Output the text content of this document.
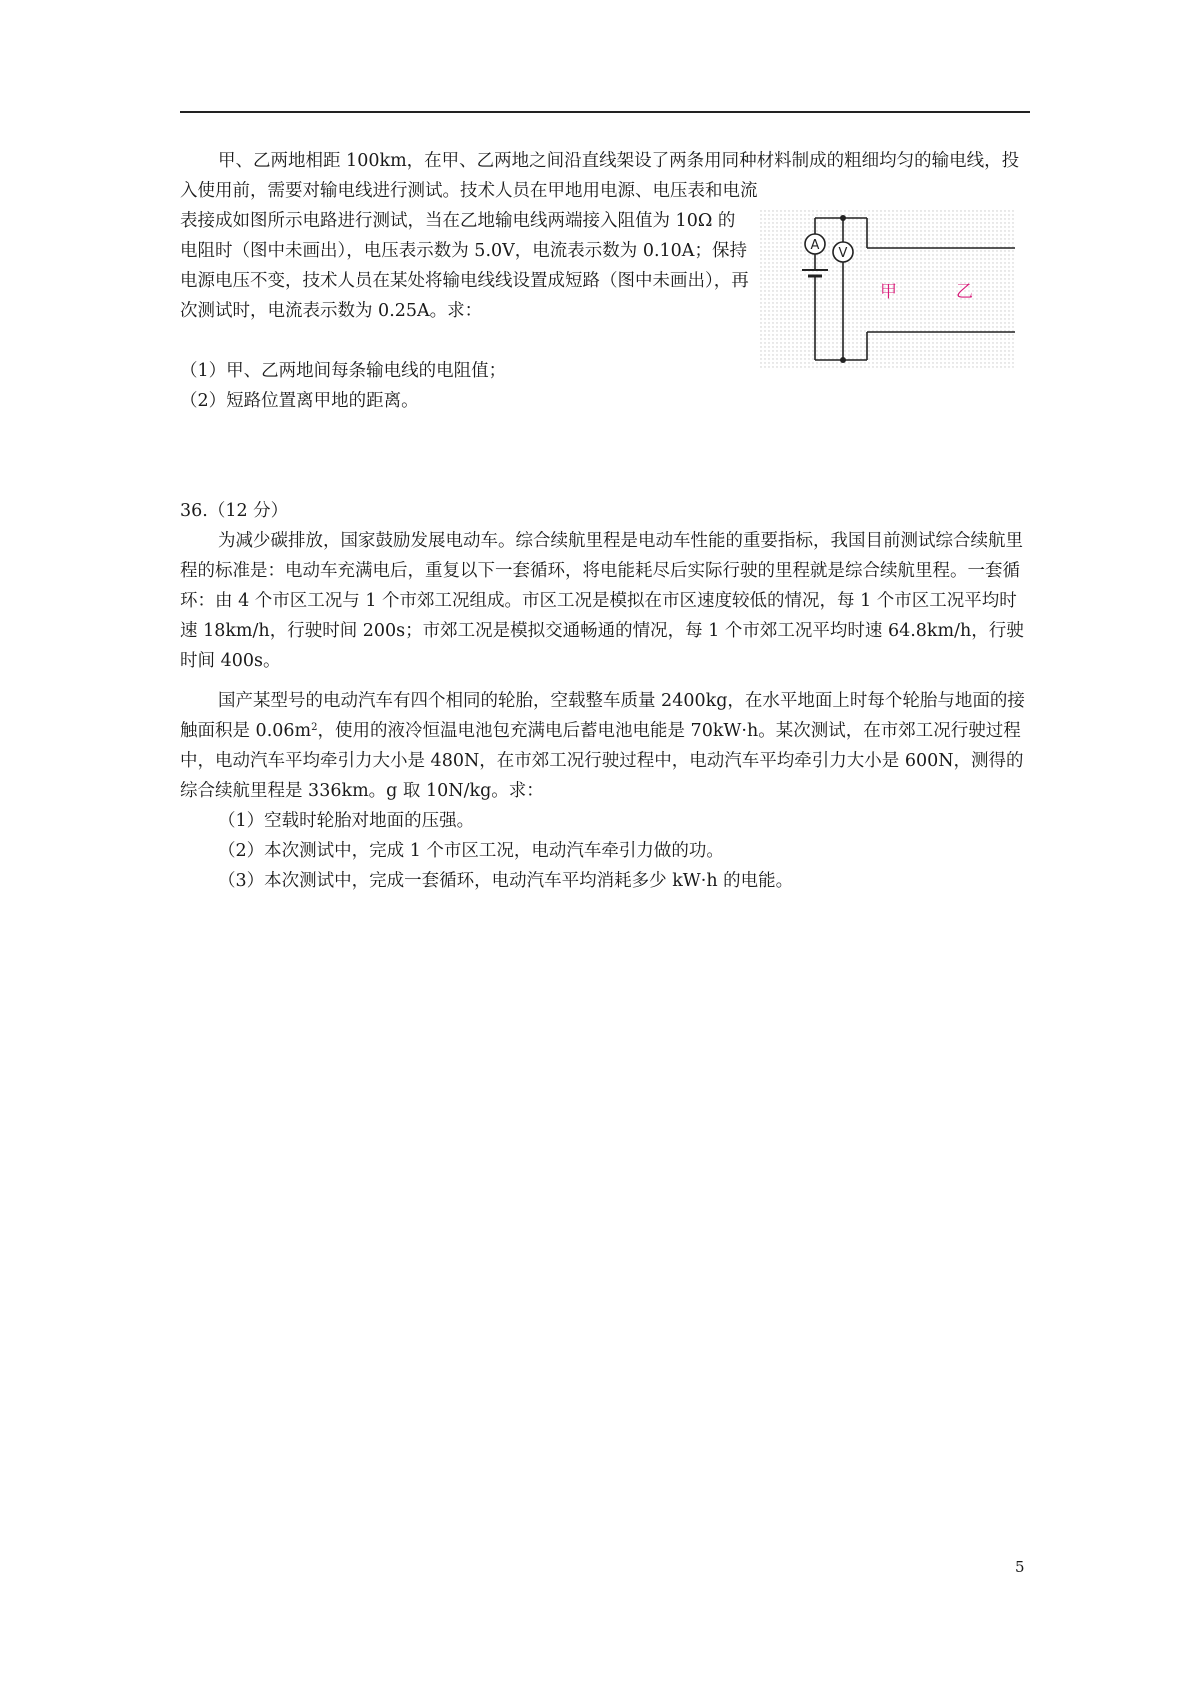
甲、乙两地相距 100km，在甲、乙两地之间沿直线架设了两条用同种材料制成的粗细均匀的输电线，投入使用前，需要对输电线进行测试。技术人员在甲地用电源、电压表和电流

表接成如图所示电路进行测试，当在乙地输电线两端接入阻值为 10Ω 的电阻时（图中未画出），电压表示数为 5.0V，电流表示数为 0.10A；保持电源电压不变，技术人员在某处将输电线线设置成短路（图中未画出），再次测试时，电流表示数为 0.25A。求：

（1）甲、乙两地间每条输电线的电阻值；
（2）短路位置离甲地的距离。
A
V
甲	乙
36.（12 分）
为减少碳排放，国家鼓励发展电动车。综合续航里程是电动车性能的重要指标，我国目前测试综合续航里程的标准是：电动车充满电后，重复以下一套循环，将电能耗尽后实际行驶的里程就是综合续航里程。一套循环：由 4 个市区工况与 1 个市郊工况组成。市区工况是模拟在市区速度较低的情况，每 1 个市区工况平均时速 18km/h，行驶时间 200s；市郊工况是模拟交通畅通的情况，每 1 个市郊工况平均时速 64.8km/h，行驶时间 400s。
国产某型号的电动汽车有四个相同的轮胎，空载整车质量 2400kg，在水平地面上时每个轮胎与地面的接触面积是 $0.06m^2$，使用的液冷恒温电池包充满电后蓄电池电能是 70kW·h。某次测试，在市郊工况行驶过程中，电动汽车平均牵引力大小是 480N，在市郊工况行驶过程中，电动汽车平均牵引力大小是 600N，测得的综合续航里程是 336km。g 取 10N/kg。求：
（1）空载时轮胎对地面的压强。
（2）本次测试中，完成 1 个市区工况，电动汽车牵引力做的功。
（3）本次测试中，完成一套循环，电动汽车平均消耗多少 kW·h 的电能。
5
